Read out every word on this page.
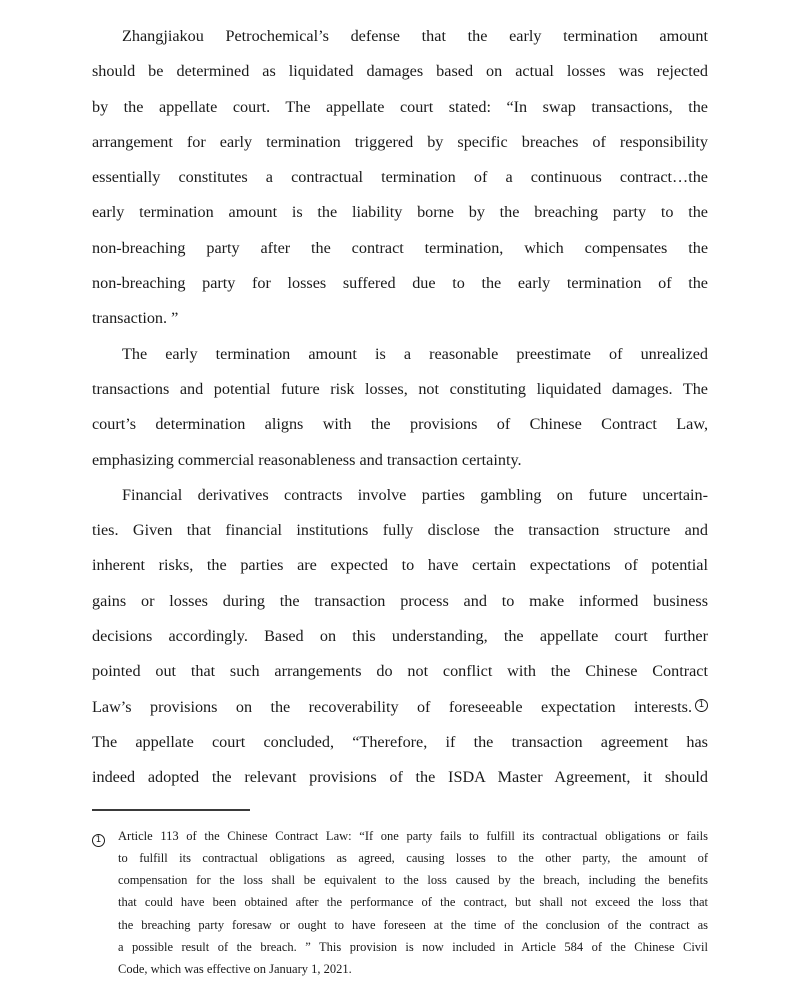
Zhangjiakou Petrochemical’s defense that the early termination amount
should be determined as liquidated damages based on actual losses was rejected
by the appellate court. The appellate court stated: “In swap transactions, the
arrangement for early termination triggered by specific breaches of responsibility
essentially constitutes a contractual termination of a continuous contract…the
early termination amount is the liability borne by the breaching party to the
non-breaching party after the contract termination, which compensates the
non-breaching party for losses suffered due to the early termination of the
transaction. ”
The early termination amount is a reasonable preestimate of unrealized
transactions and potential future risk losses, not constituting liquidated damages. The
court’s determination aligns with the provisions of Chinese Contract Law,
emphasizing commercial reasonableness and transaction certainty.
Financial derivatives contracts involve parties gambling on future uncertain-
ties. Given that financial institutions fully disclose the transaction structure and
inherent risks, the parties are expected to have certain expectations of potential
gains or losses during the transaction process and to make informed business
decisions accordingly. Based on this understanding, the appellate court further
pointed out that such arrangements do not conflict with the Chinese Contract
Law’s provisions on the recoverability of foreseeable expectation interests. $^1$
The appellate court concluded, “Therefore, if the transaction agreement has
indeed adopted the relevant provisions of the ISDA Master Agreement, it should
1 Article 113 of the Chinese Contract Law: “If one party fails to fulfill its contractual obligations or fails
to fulfill its contractual obligations as agreed, causing losses to the other party, the amount of
compensation for the loss shall be equivalent to the loss caused by the breach, including the benefits
that could have been obtained after the performance of the contract, but shall not exceed the loss that
the breaching party foresaw or ought to have foreseen at the time of the conclusion of the contract as
a possible result of the breach. ” This provision is now included in Article 584 of the Chinese Civil
Code, which was effective on January 1, 2021.
